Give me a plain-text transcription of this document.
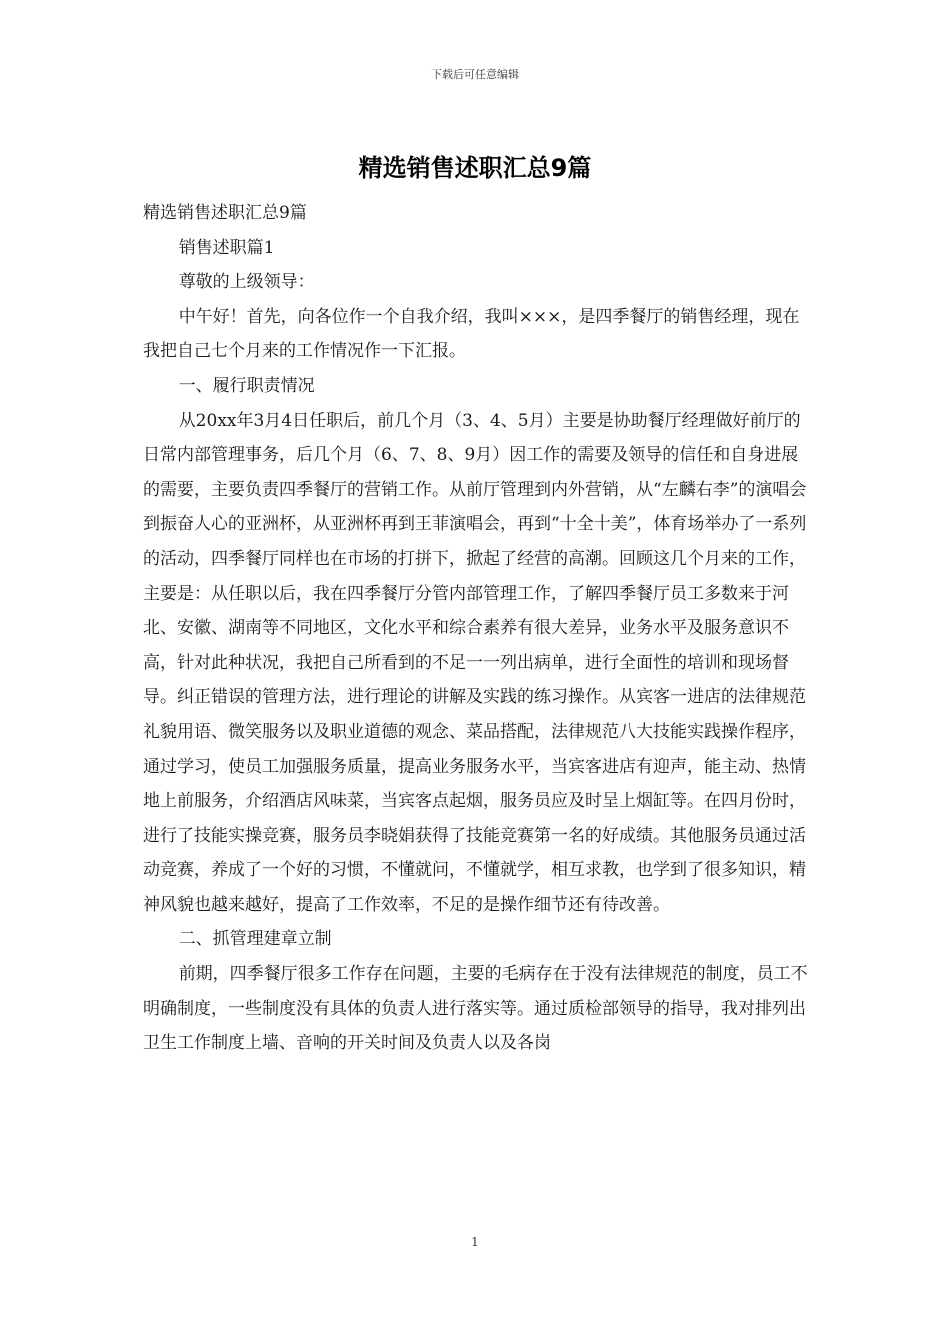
下载后可任意编辑
精选销售述职汇总9篇

精选销售述职汇总9篇

销售述职篇1

尊敬的上级领导：

中午好！首先，向各位作一个自我介绍，我叫×××，是四季餐厅的销售经理，现在我把自己七个月来的工作情况作一下汇报。

一、履行职责情况

从20xx年3月4日任职后，前几个月（3、4、5月）主要是协助餐厅经理做好前厅的日常内部管理事务，后几个月（6、7、8、9月）因工作的需要及领导的信任和自身进展的需要，主要负责四季餐厅的营销工作。从前厅管理到内外营销，从“左麟右李”的演唱会到振奋人心的亚洲杯，从亚洲杯再到王菲演唱会，再到“十全十美”，体育场举办了一系列的活动，四季餐厅同样也在市场的打拼下，掀起了经营的高潮。回顾这几个月来的工作，主要是：从任职以后，我在四季餐厅分管内部管理工作，了解四季餐厅员工多数来于河北、安徽、湖南等不同地区，文化水平和综合素养有很大差异，业务水平及服务意识不高，针对此种状况，我把自己所看到的不足一一列出病单，进行全面性的培训和现场督导。纠正错误的管理方法，进行理论的讲解及实践的练习操作。从宾客一进店的法律规范礼貌用语、微笑服务以及职业道德的观念、菜品搭配，法律规范八大技能实践操作程序，通过学习，使员工加强服务质量，提高业务服务水平，当宾客进店有迎声，能主动、热情地上前服务，介绍酒店风味菜，当宾客点起烟，服务员应及时呈上烟缸等。在四月份时，进行了技能实操竞赛，服务员李晓娟获得了技能竞赛第一名的好成绩。其他服务员通过活动竞赛，养成了一个好的习惯，不懂就问，不懂就学，相互求教，也学到了很多知识，精神风貌也越来越好，提高了工作效率，不足的是操作细节还有待改善。

二、抓管理建章立制

前期，四季餐厅很多工作存在问题，主要的毛病存在于没有法律规范的制度，员工不明确制度，一些制度没有具体的负责人进行落实等。通过质检部领导的指导，我对排列出卫生工作制度上墙、音响的开关时间及负责人以及各岗

1
